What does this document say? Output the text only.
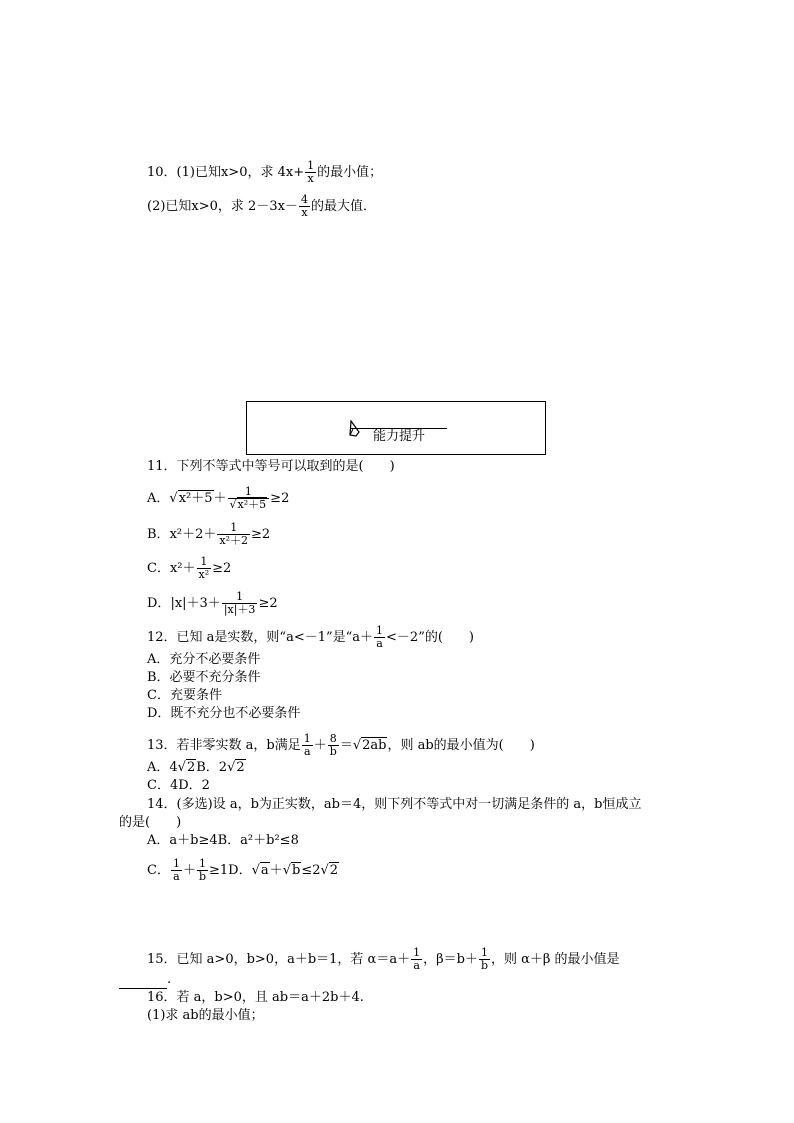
10．(1)已知x>0，求 $4x+ \frac{1}{x}$ 的最小值；
(2)已知x>0，求 $2-3x- \frac{4}{x}$ 的最大值．
能力提升
11．下列不等式中等号可以取到的是(　　)
A．$√x^2+5+ \frac{1}{\text{√x²＋5}} \ge 2$
B．$x^2+2+ \frac{1}{\text{x²＋2}} \ge 2$
C．$x^2+ \frac{1}{\text{x²}} \ge 2$
D．$|x|+3+ \frac{1}{|x|+3} \ge 2$
12．已知 a是实数，则“a<－1”是“$a+ \frac{1}{a} <-2$”的(　　)
A．充分不必要条件
B．必要不充分条件
C．充要条件
D．既不充分也不必要条件
13．若非零实数 a，b满足 $\frac{1}{a} + \frac{8}{b} =√2ab$，则 ab的最小值为(　　)
A．4√2B．2√2
C．4D．2
14．(多选)设 a，b为正实数，ab＝4，则下列不等式中对一切满足条件的 a，b恒成立
的是(　　)
A．a＋b≥4B．a²＋b²≤8
C． $\frac{1}{a} + \frac{1}{b} \ge 1D$．√a＋√b≤2√2
15．已知 a>0，b>0，a＋b＝1，若 $\alpha=a+ \frac{1}{a}$ ，$\beta=b+ \frac{1}{b}$ ，则 α＋β 的最小值是
.
16．若 a，b>0，且 ab＝a＋2b＋4.
(1)求 ab的最小值；
